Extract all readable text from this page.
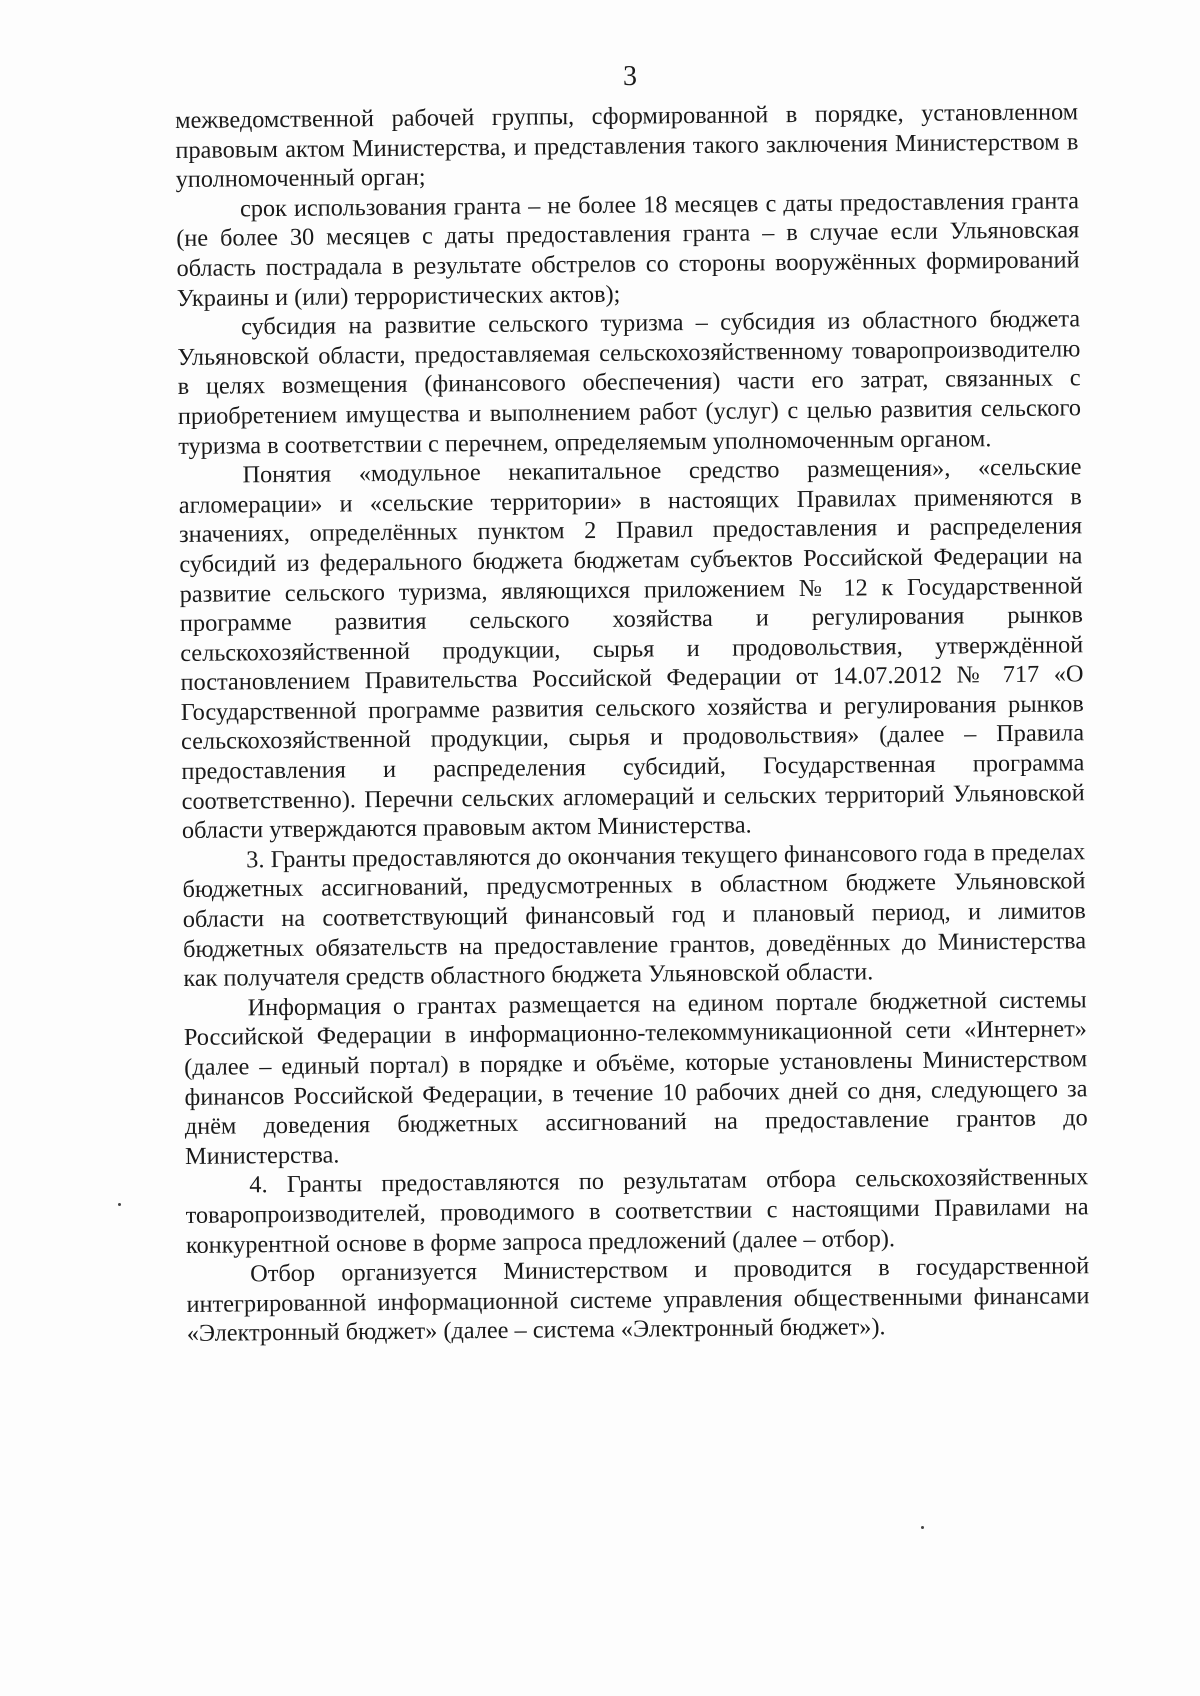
3

межведомственной рабочей группы, сформированной в порядке, установленном правовым актом Министерства, и представления такого заключения Министерством в уполномоченный орган;

срок использования гранта – не более 18 месяцев с даты предоставления гранта (не более 30 месяцев с даты предоставления гранта – в случае если Ульяновская область пострадала в результате обстрелов со стороны вооружённых формирований Украины и (или) террористических актов);

субсидия на развитие сельского туризма – субсидия из областного бюджета Ульяновской области, предоставляемая сельскохозяйственному товаропроизводителю в целях возмещения (финансового обеспечения) части его затрат, связанных с приобретением имущества и выполнением работ (услуг) с целью развития сельского туризма в соответствии с перечнем, определяемым уполномоченным органом.

Понятия «модульное некапитальное средство размещения», «сельские агломерации» и «сельские территории» в настоящих Правилах применяются в значениях, определённых пунктом 2 Правил предоставления и распределения субсидий из федерального бюджета бюджетам субъектов Российской Федерации на развитие сельского туризма, являющихся приложением № 12 к Государственной программе развития сельского хозяйства и регулирования рынков сельскохозяйственной продукции, сырья и продовольствия, утверждённой постановлением Правительства Российской Федерации от 14.07.2012 № 717 «О Государственной программе развития сельского хозяйства и регулирования рынков сельскохозяйственной продукции, сырья и продовольствия» (далее – Правила предоставления и распределения субсидий, Государственная программа соответственно). Перечни сельских агломераций и сельских территорий Ульяновской области утверждаются правовым актом Министерства.

3. Гранты предоставляются до окончания текущего финансового года в пределах бюджетных ассигнований, предусмотренных в областном бюджете Ульяновской области на соответствующий финансовый год и плановый период, и лимитов бюджетных обязательств на предоставление грантов, доведённых до Министерства как получателя средств областного бюджета Ульяновской области.

Информация о грантах размещается на едином портале бюджетной системы Российской Федерации в информационно-телекоммуникационной сети «Интернет» (далее – единый портал) в порядке и объёме, которые установлены Министерством финансов Российской Федерации, в течение 10 рабочих дней со дня, следующего за днём доведения бюджетных ассигнований на предоставление грантов до Министерства.

4. Гранты предоставляются по результатам отбора сельскохозяйственных товаропроизводителей, проводимого в соответствии с настоящими Правилами на конкурентной основе в форме запроса предложений (далее – отбор).

Отбор организуется Министерством и проводится в государственной интегрированной информационной системе управления общественными финансами «Электронный бюджет» (далее – система «Электронный бюджет»).
